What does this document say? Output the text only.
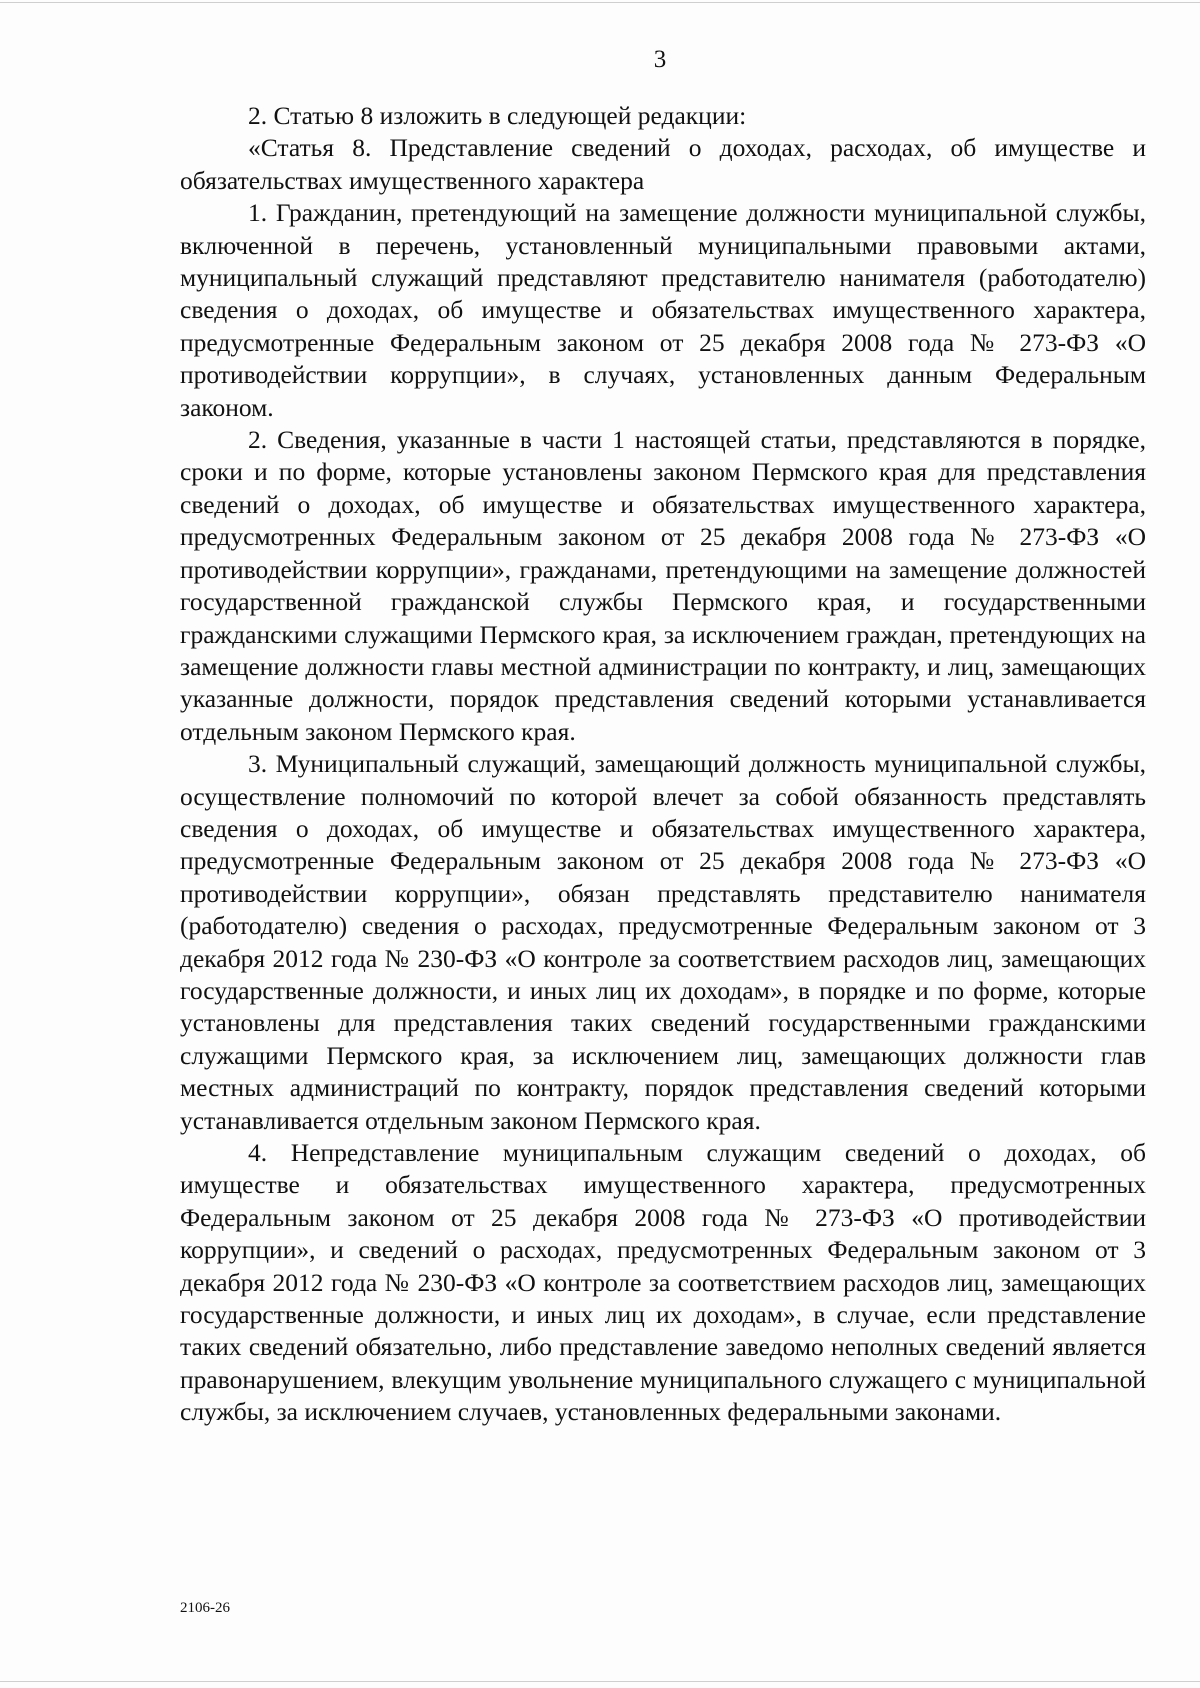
3

2. Статью 8 изложить в следующей редакции:

«Статья 8. Представление сведений о доходах, расходах, об имуществе и обязательствах имущественного характера

1. Гражданин, претендующий на замещение должности муниципальной службы, включенной в перечень, установленный муниципальными правовыми актами, муниципальный служащий представляют представителю нанимателя (работодателю) сведения о доходах, об имуществе и обязательствах имущественного характера, предусмотренные Федеральным законом от 25 декабря 2008 года № 273-ФЗ «О противодействии коррупции», в случаях, установленных данным Федеральным законом.

2. Сведения, указанные в части 1 настоящей статьи, представляются в порядке, сроки и по форме, которые установлены законом Пермского края для представления сведений о доходах, об имуществе и обязательствах имущественного характера, предусмотренных Федеральным законом от 25 декабря 2008 года № 273-ФЗ «О противодействии коррупции», гражданами, претендующими на замещение должностей государственной гражданской службы Пермского края, и государственными гражданскими служащими Пермского края, за исключением граждан, претендующих на замещение должности главы местной администрации по контракту, и лиц, замещающих указанные должности, порядок представления сведений которыми устанавливается отдельным законом Пермского края.

3. Муниципальный служащий, замещающий должность муниципальной службы, осуществление полномочий по которой влечет за собой обязанность представлять сведения о доходах, об имуществе и обязательствах имущественного характера, предусмотренные Федеральным законом от 25 декабря 2008 года № 273-ФЗ «О противодействии коррупции», обязан представлять представителю нанимателя (работодателю) сведения о расходах, предусмотренные Федеральным законом от 3 декабря 2012 года № 230-ФЗ «О контроле за соответствием расходов лиц, замещающих государственные должности, и иных лиц их доходам», в порядке и по форме, которые установлены для представления таких сведений государственными гражданскими служащими Пермского края, за исключением лиц, замещающих должности глав местных администраций по контракту, порядок представления сведений которыми устанавливается отдельным законом Пермского края.

4. Непредставление муниципальным служащим сведений о доходах, об имуществе и обязательствах имущественного характера, предусмотренных Федеральным законом от 25 декабря 2008 года № 273-ФЗ «О противодействии коррупции», и сведений о расходах, предусмотренных Федеральным законом от 3 декабря 2012 года № 230-ФЗ «О контроле за соответствием расходов лиц, замещающих государственные должности, и иных лиц их доходам», в случае, если представление таких сведений обязательно, либо представление заведомо неполных сведений является правонарушением, влекущим увольнение муниципального служащего с муниципальной службы, за исключением случаев, установленных федеральными законами.

2106-26
